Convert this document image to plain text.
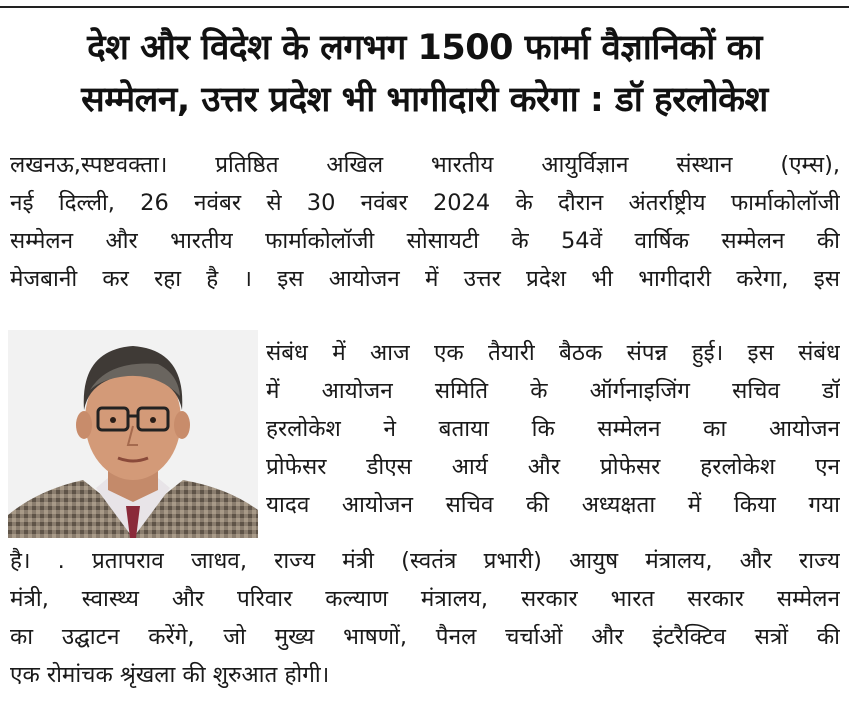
देश और विदेश के लगभग 1500 फार्मा वैज्ञानिकों का
सम्मेलन, उत्तर प्रदेश भी भागीदारी करेगा : डॉ हरलोकेश
लखनऊ,स्पष्टवक्ता। प्रतिष्ठित अखिल भारतीय आयुर्विज्ञान संस्थान (एम्स),
नई दिल्ली, 26 नवंबर से 30 नवंबर 2024 के दौरान अंतर्राष्ट्रीय फार्माकोलॉजी
सम्मेलन और भारतीय फार्माकोलॉजी सोसायटी के 54वें वार्षिक सम्मेलन की
मेजबानी कर रहा है । इस आयोजन में उत्तर प्रदेश भी भागीदारी करेगा, इस
संबंध में आज एक तैयारी बैठक संपन्न हुई। इस संबंध
में आयोजन समिति के ऑर्गनाइजिंग सचिव डॉ
हरलोकेश ने बताया कि सम्मेलन का आयोजन
प्रोफेसर डीएस आर्य और प्रोफेसर हरलोकेश एन
यादव आयोजन सचिव की अध्यक्षता में किया गया
है। . प्रतापराव जाधव, राज्य मंत्री (स्वतंत्र प्रभारी) आयुष मंत्रालय, और राज्य
मंत्री, स्वास्थ्य और परिवार कल्याण मंत्रालय, सरकार भारत सरकार सम्मेलन
का उद्घाटन करेंगे, जो मुख्य भाषणों, पैनल चर्चाओं और इंटरैक्टिव सत्रों की
एक रोमांचक श्रृंखला की शुरुआत होगी।
